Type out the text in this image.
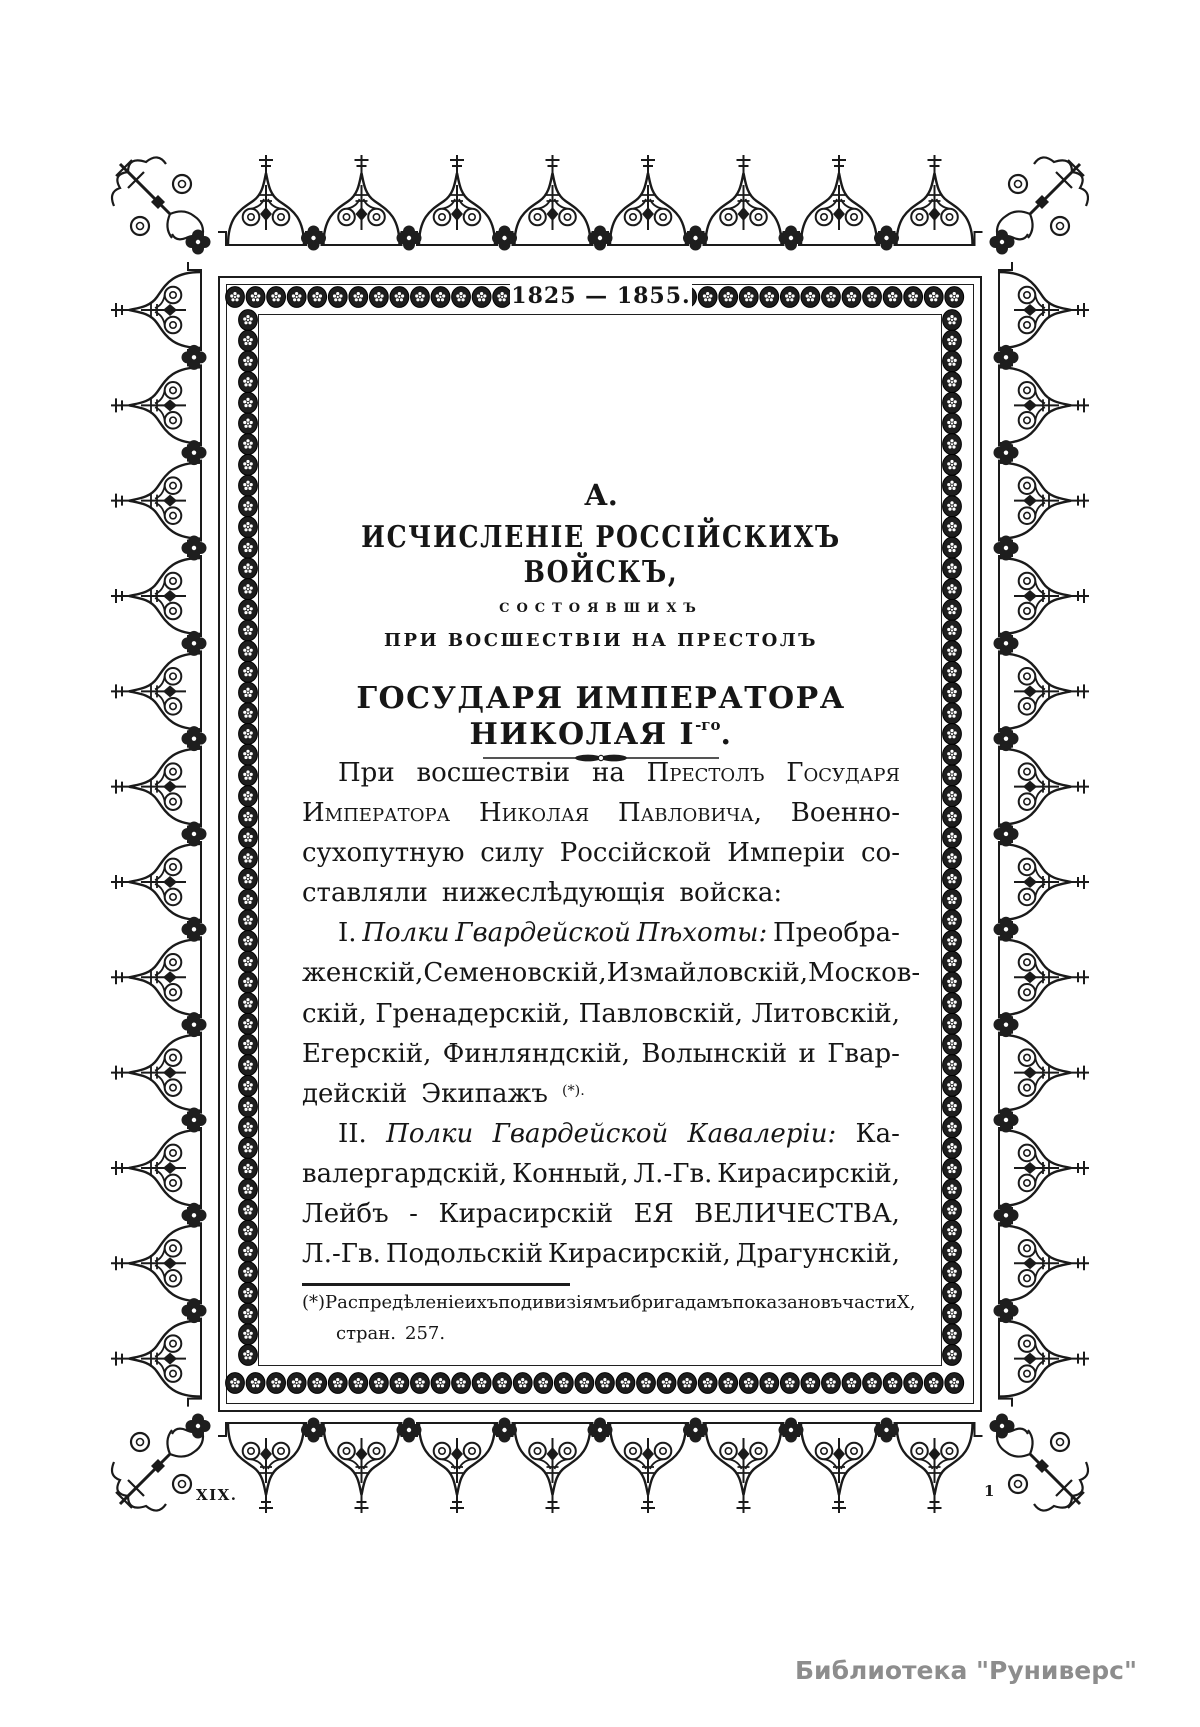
1825 — 1855.
А.
ИСЧИСЛЕНІЕ РОССІЙСКИХЪ ВОЙСКЪ,
состоявшихъ
ПРИ ВОСШЕСТВІИ НА ПРЕСТОЛЪ
ГОСУДАРЯ ИМПЕРАТОРА НИКОЛАЯ $I^{-го}$.
При восшествіи на Престолъ Государя
Императора Николая Павловича, Военно-
сухопутную силу Россійской Имперіи со-
ставляли нижеслѣдующія войска:
I. Полки Гвардейской Пѣхоты: Преобра-
женскій, Семеновскій, Измайловскій, Москов-
скій, Гренадерскій, Павловскій, Литовскій,
Егерскій, Финляндскій, Волынскій и Гвар-
дейскій Экипажъ (*).
II. Полки Гвардейской Кавалеріи: Ка-
валергардскій, Конный, Л.-Гв. Кирасирскій,
Лейбъ - Кирасирскій ЕЯ ВЕЛИЧЕСТВА,
Л.-Гв. Подольскій Кирасирскій, Драгунскій,
(*) Распредѣленіе ихъ по дивизіямъ и бригадамъ показано въ части X,
стран. 257.
XIX.	1
Библиотека "Руниверс"
